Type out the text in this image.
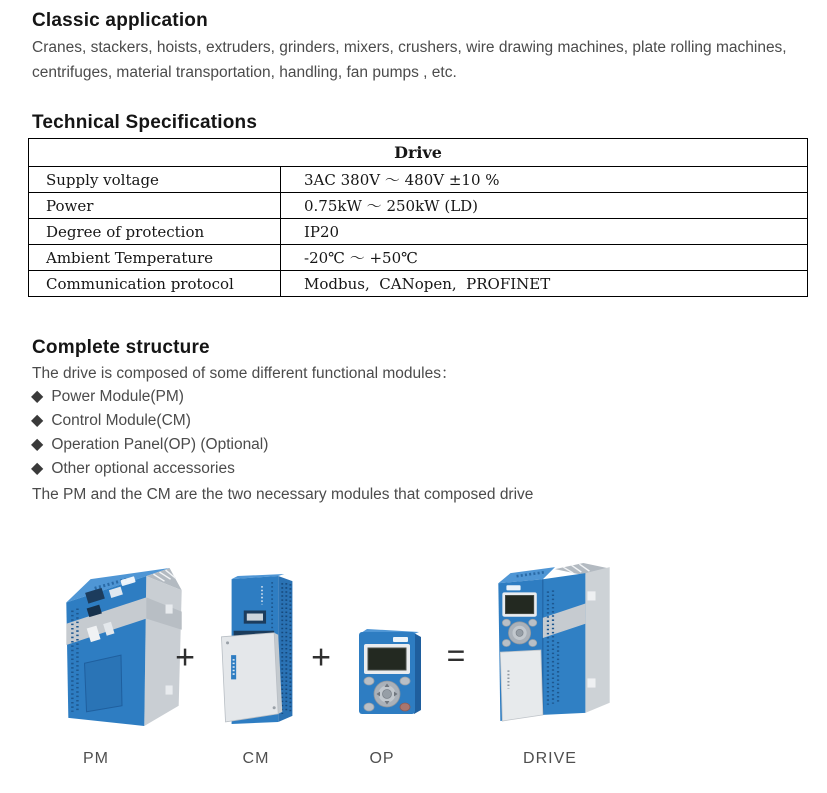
Classic application
Cranes, stackers, hoists, extruders, grinders, mixers, crushers, wire drawing machines, plate rolling machines, centrifuges, material transportation, handling, fan pumps , etc.
Technical Specifications
Drive	
Supply voltage	3AC 380V ～ 480V ±10 %
Power	0.75kW ～ 250kW (LD)
Degree of protection	IP20
Ambient Temperature	-20℃ ～ +50℃
Communication protocol	Modbus,  CANopen,  PROFINET
Complete structure
The drive is composed of some different functional modules：
◆ Power Module(PM)
◆ Control Module(CM)
◆ Operation Panel(OP) (Optional)
◆ Other optional accessories
The PM and the CM are the two necessary modules that composed drive
+	+	=
PM	CM	OP	DRIVE
